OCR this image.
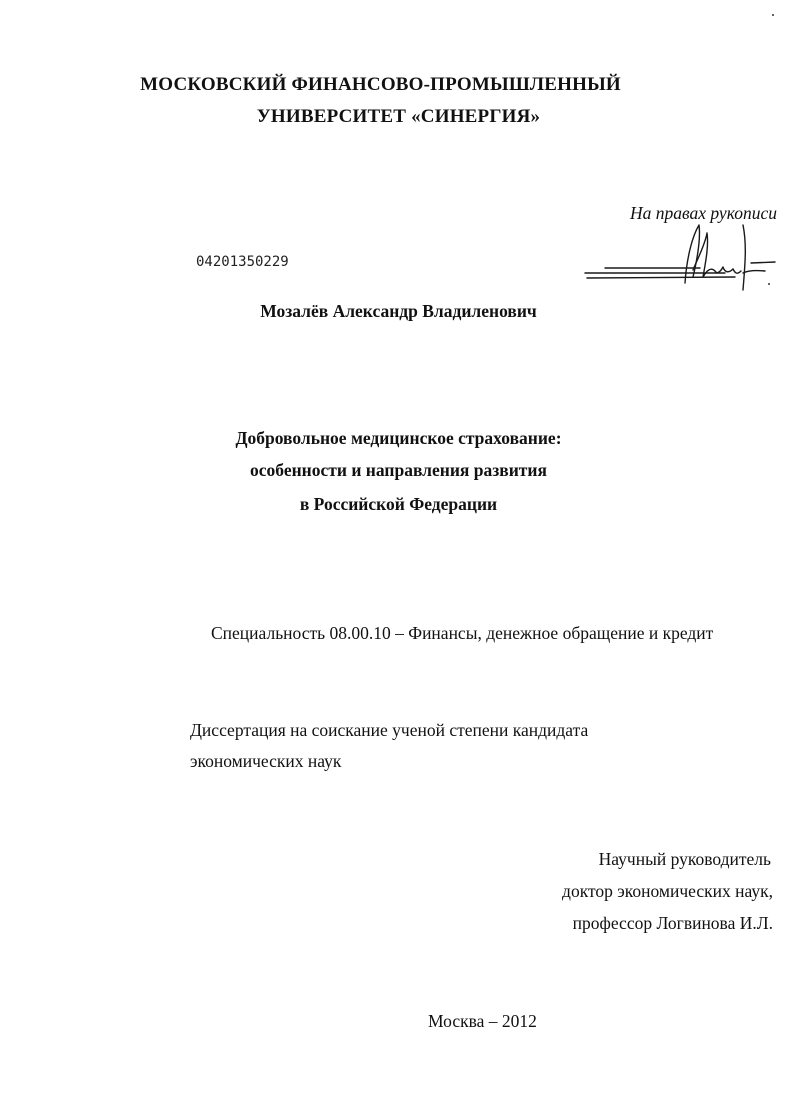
МОСКОВСКИЙ ФИНАНСОВО-ПРОМЫШЛЕННЫЙ
УНИВЕРСИТЕТ «СИНЕРГИЯ»
На правах рукописи
04201350229
Мозалёв Александр Владиленович
Добровольное медицинское страхование:
особенности и направления развития
в Российской Федерации
Специальность 08.00.10 – Финансы, денежное обращение и кредит
Диссертация на соискание ученой степени кандидата
экономических наук
Научный руководитель
доктор экономических наук,
профессор Логвинова И.Л.
Москва – 2012
